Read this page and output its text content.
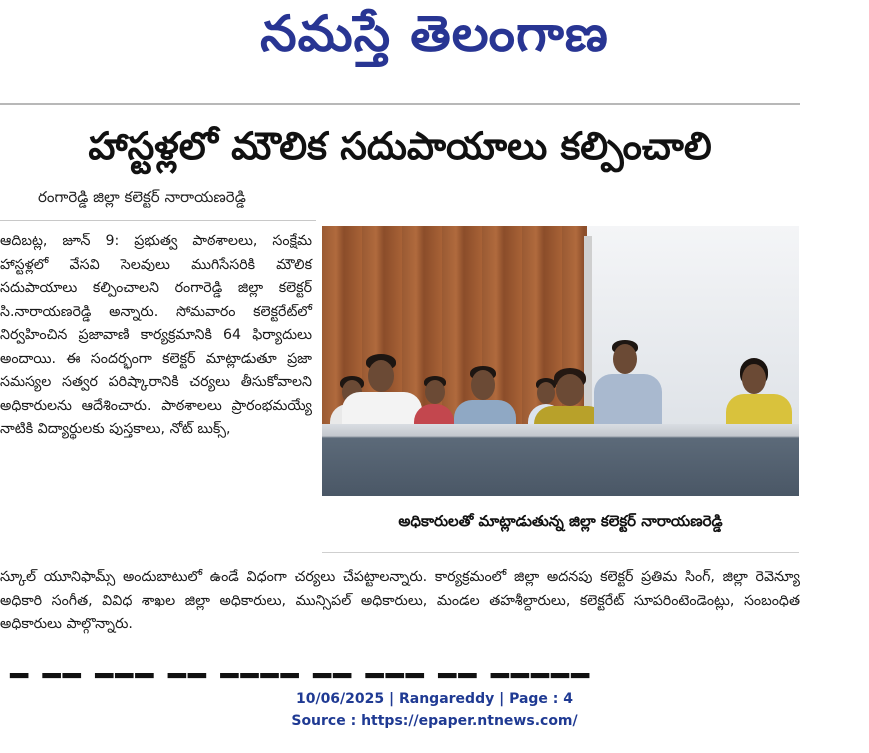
నమస్తే తెలంగాణ
హాస్టళ్లలో మౌలిక సదుపాయాలు కల్పించాలి
రంగారెడ్డి జిల్లా కలెక్టర్ నారాయణరెడ్డి

ఆదిబట్ల, జూన్ 9: ప్రభుత్వ పాఠశాలలు, సంక్షేమ హాస్టళ్లలో వేసవి సెలవులు ముగిసేసరికి మౌలిక సదుపాయాలు కల్పించాలని రంగారెడ్డి జిల్లా కలెక్టర్ సి.నారాయణరెడ్డి అన్నారు. సోమవారం కలెక్టరేట్‌లో నిర్వహించిన ప్రజావాణి కార్యక్రమానికి 64 ఫిర్యాదులు అందాయి. ఈ సందర్భంగా కలెక్టర్ మాట్లాడుతూ ప్రజా సమస్యల సత్వర పరిష్కారానికి చర్యలు తీసుకోవాలని అధికారులను ఆదేశించారు. పాఠశాలలు ప్రారంభమయ్యే నాటికి విద్యార్థులకు పుస్తకాలు, నోట్ బుక్స్,

అధికారులతో మాట్లాడుతున్న జిల్లా కలెక్టర్ నారాయణరెడ్డి

స్కూల్ యూనిఫామ్స్ అందుబాటులో ఉండే విధంగా చర్యలు చేపట్టాలన్నారు. కార్యక్రమంలో జిల్లా అదనపు కలెక్టర్ ప్రతిమ సింగ్, జిల్లా రెవెన్యూ అధికారి సంగీత, వివిధ శాఖల జిల్లా అధికారులు, మున్సిపల్ అధికారులు, మండల తహశీల్దారులు, కలెక్టరేట్ సూపరింటెండెంట్లు, సంబంధిత అధికారులు పాల్గొన్నారు.

━ ━━ ━━━ ━━ ━━━━ ━━ ━━━ ━━ ━━━━━
10/06/2025 | Rangareddy | Page : 4
Source : https://epaper.ntnews.com/
